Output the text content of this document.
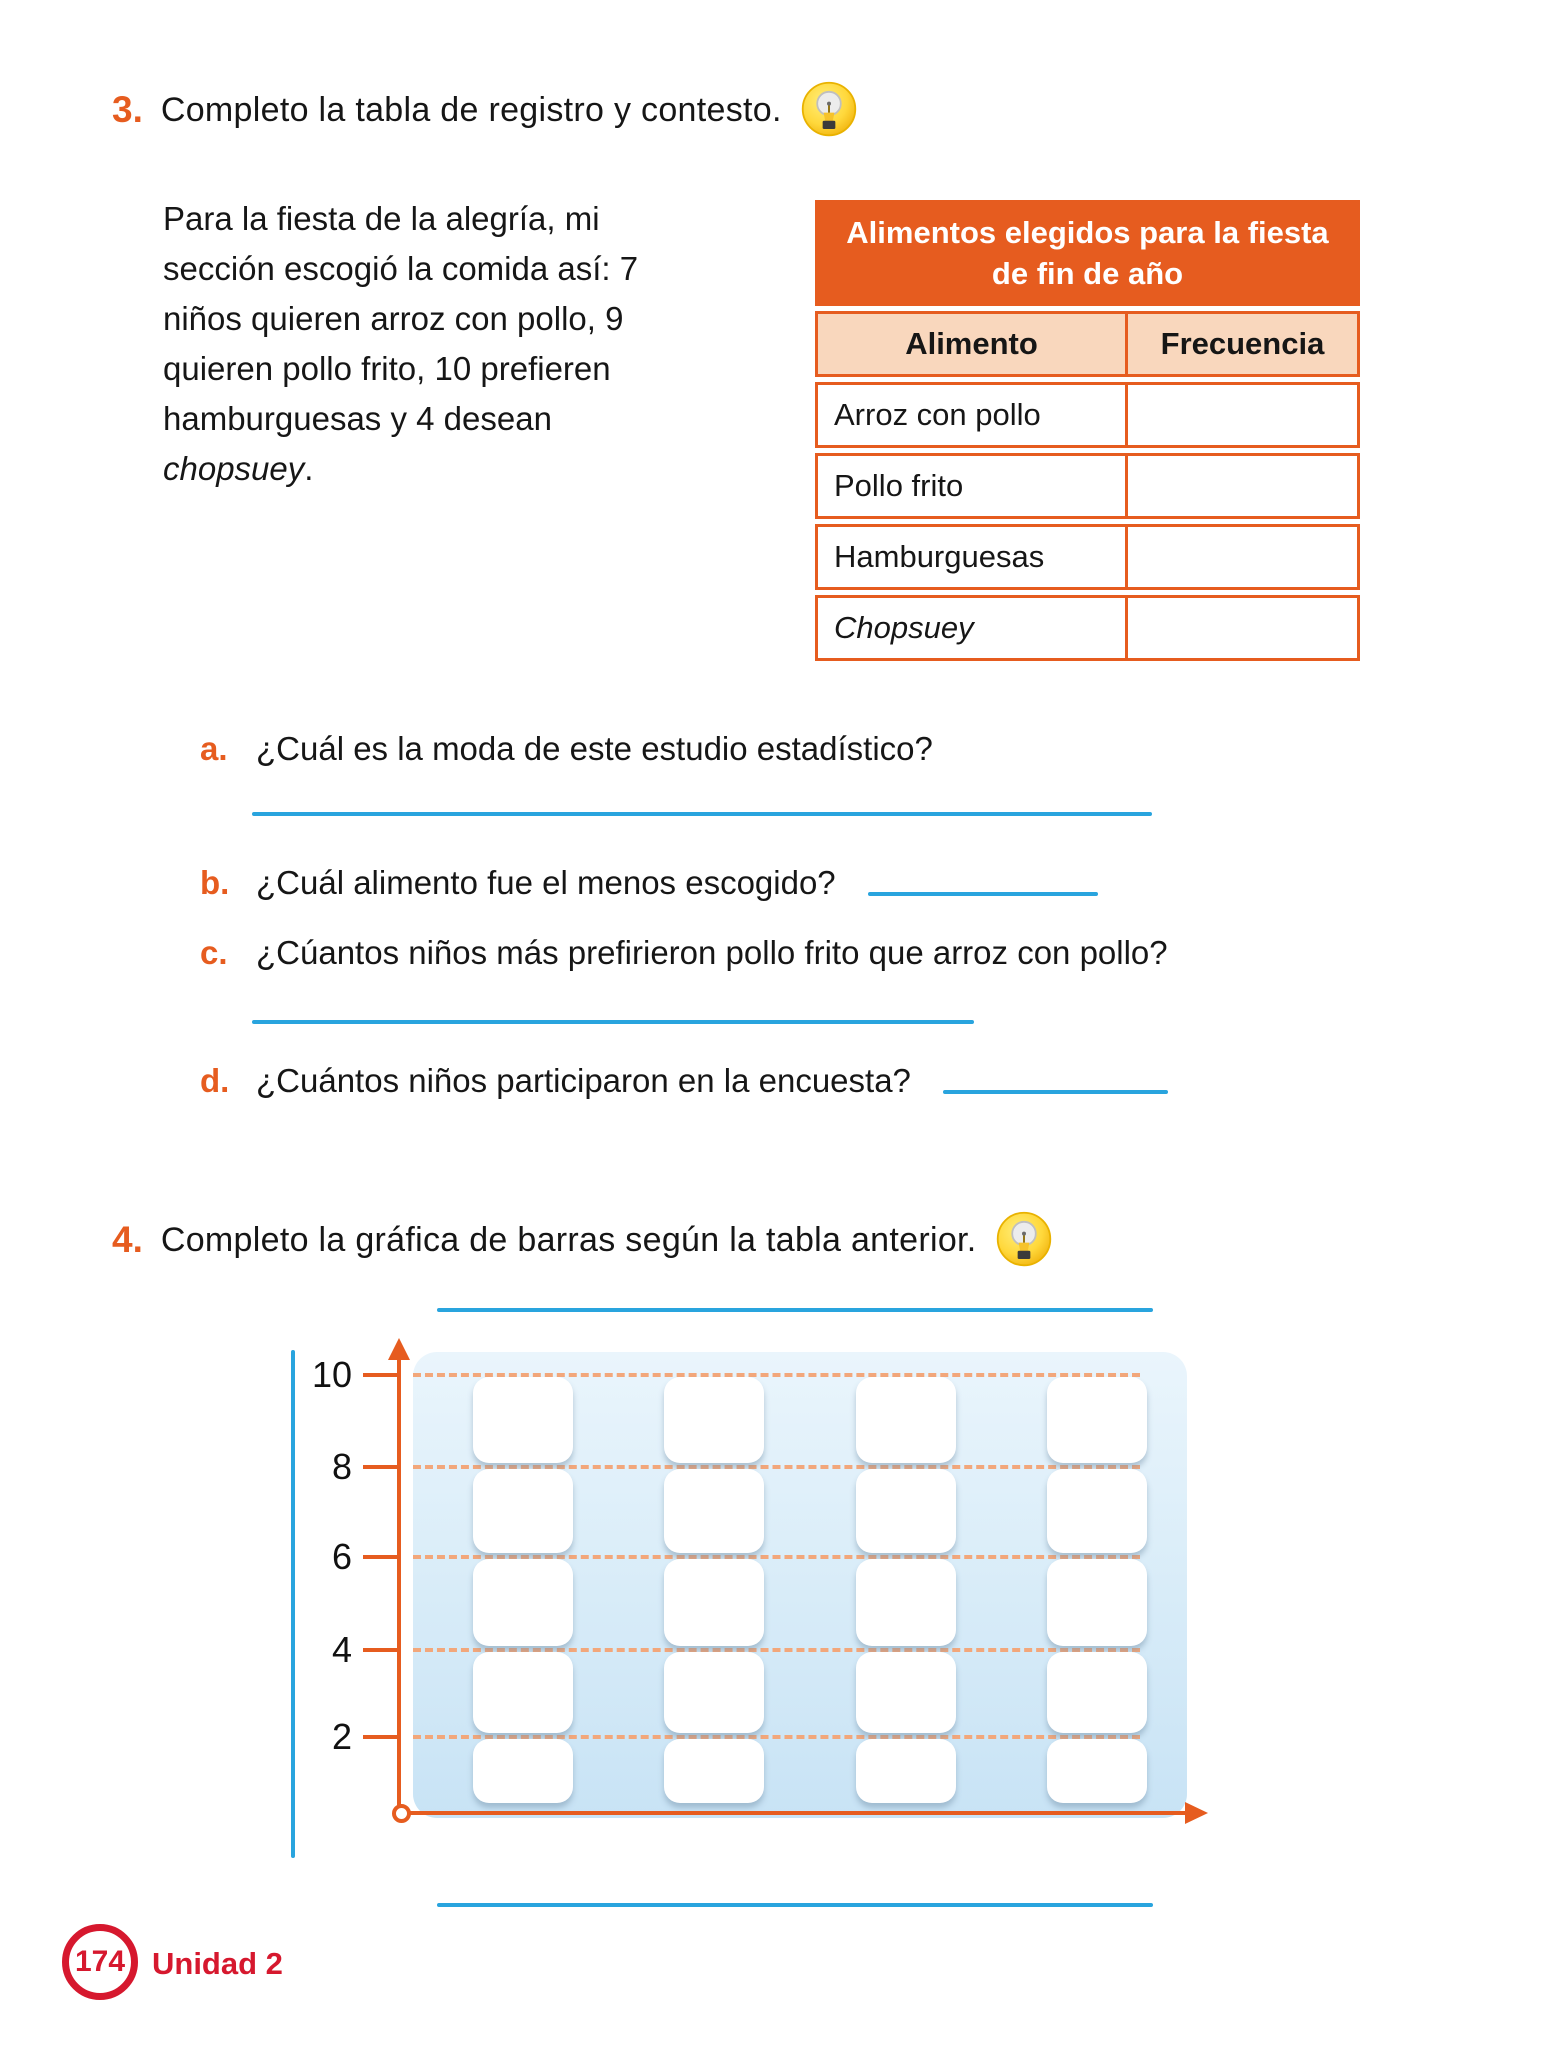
3. Completo la tabla de registro y contesto.
Para la fiesta de la alegría, mi sección escogió la comida así: 7 niños quieren arroz con pollo, 9 quieren pollo frito, 10 prefieren hamburguesas y 4 desean chopsuey.
Alimentos elegidos para la fiesta de fin de año
Alimento	Frecuencia
Arroz con pollo
Pollo frito
Hamburguesas
Chopsuey
a. ¿Cuál es la moda de este estudio estadístico?
b. ¿Cuál alimento fue el menos escogido?
c. ¿Cúantos niños más prefirieron pollo frito que arroz con pollo?
d. ¿Cuántos niños participaron en la encuesta?
4. Completo la gráfica de barras según la tabla anterior.
10
8
6
4
2
174 Unidad 2
